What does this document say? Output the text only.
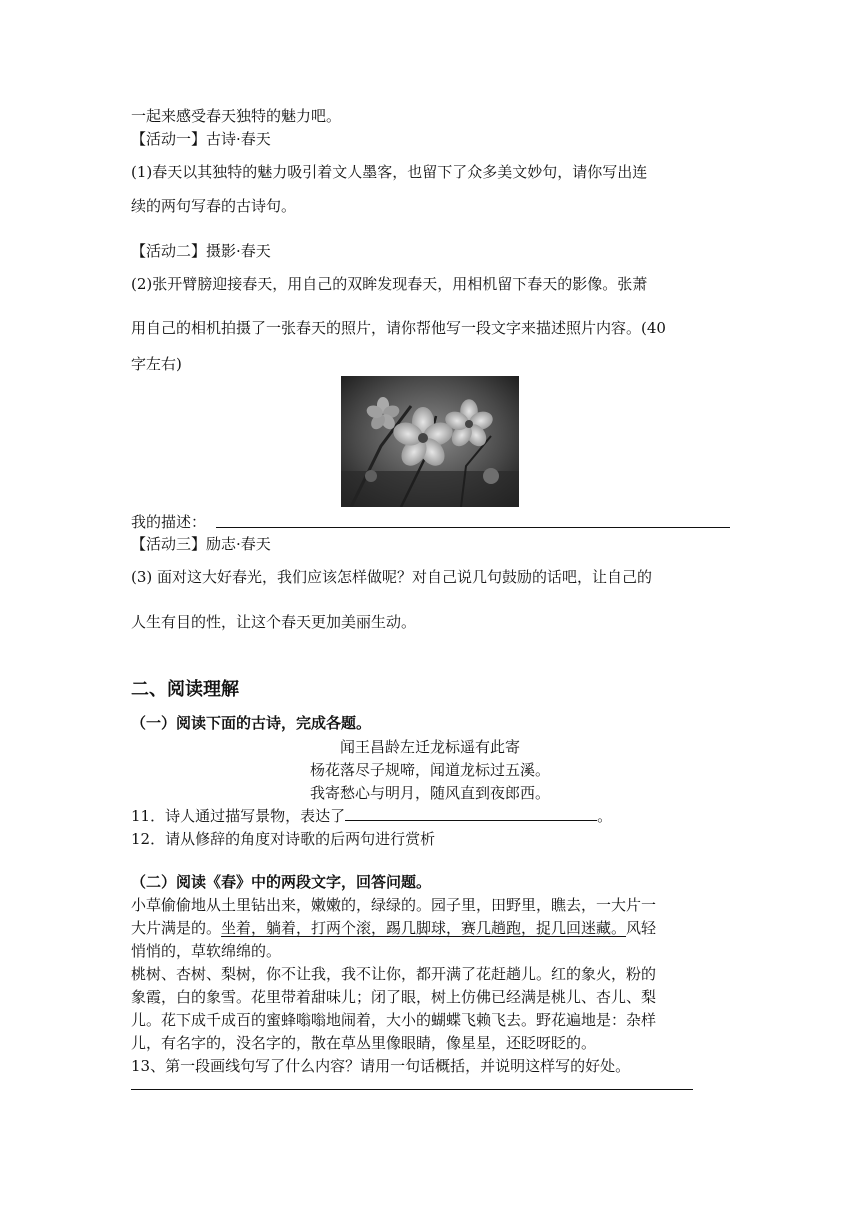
一起来感受春天独特的魅力吧。
【活动一】古诗·春天
(1)春天以其独特的魅力吸引着文人墨客，也留下了众多美文妙句，请你写出连
续的两句写春的古诗句。
【活动二】摄影·春天
(2)张开臂膀迎接春天，用自己的双眸发现春天，用相机留下春天的影像。张萧
用自己的相机拍摄了一张春天的照片，请你帮他写一段文字来描述照片内容。(40
字左右)
我的描述：
【活动三】励志·春天
(3) 面对这大好春光，我们应该怎样做呢？对自己说几句鼓励的话吧，让自己的
人生有目的性，让这个春天更加美丽生动。
二、阅读理解
（一）阅读下面的古诗，完成各题。
闻王昌龄左迁龙标遥有此寄
杨花落尽子规啼，闻道龙标过五溪。
我寄愁心与明月，随风直到夜郎西。
11．诗人通过描写景物，表达了	。
12．请从修辞的角度对诗歌的后两句进行赏析
（二）阅读《春》中的两段文字，回答问题。
小草偷偷地从土里钻出来，嫩嫩的，绿绿的。园子里，田野里，瞧去，一大片一
大片满是的。坐着，躺着，打两个滚，踢几脚球，赛几趟跑，捉几回迷藏。风轻
悄悄的，草软绵绵的。
桃树、杏树、梨树，你不让我，我不让你，都开满了花赶趟儿。红的象火，粉的
象霞，白的象雪。花里带着甜味儿；闭了眼，树上仿佛已经满是桃儿、杏儿、梨
儿。花下成千成百的蜜蜂嗡嗡地闹着，大小的蝴蝶飞赖飞去。野花遍地是：杂样
儿，有名字的，没名字的，散在草丛里像眼睛，像星星，还眨呀眨的。
13、第一段画线句写了什么内容？请用一句话概括，并说明这样写的好处。
